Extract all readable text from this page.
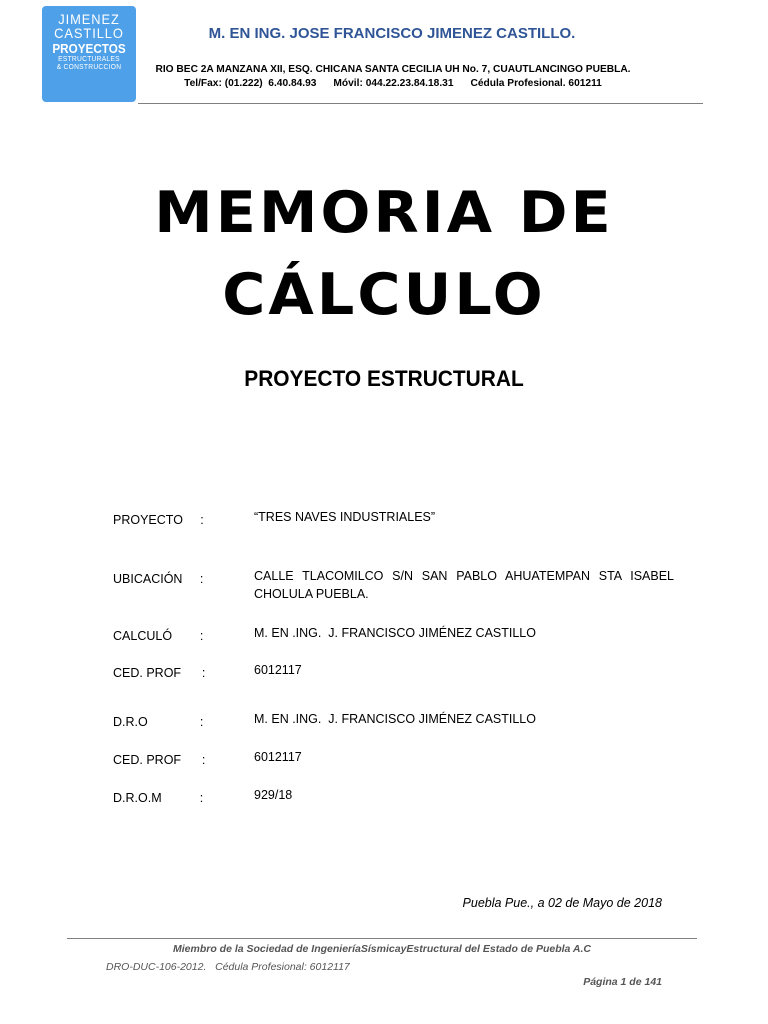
JIMENEZ
CASTILLO
PROYECTOS
ESTRUCTURALES
& CONSTRUCCION
M. EN ING. JOSE FRANCISCO JIMENEZ CASTILLO.
RIO BEC 2A MANZANA XII, ESQ. CHICANA SANTA CECILIA UH No. 7, CUAUTLANCINGO PUEBLA.
Tel/Fax: (01.222)  6.40.84.93      Móvil: 044.22.23.84.18.31      Cédula Profesional. 601211
MEMORIA DE
CÁLCULO
PROYECTO ESTRUCTURAL
PROYECTO     :	“TRES NAVES INDUSTRIALES”
UBICACIÓN     :	CALLE TLACOMILCO S/N SAN PABLO AHUATEMPAN STA ISABEL CHOLULA PUEBLA.
CALCULÓ        :	M. EN .ING.  J. FRANCISCO JIMÉNEZ CASTILLO
CED. PROF      :	6012117
D.R.O               :	M. EN .ING.  J. FRANCISCO JIMÉNEZ CASTILLO
CED. PROF      :	6012117
D.R.O.M           :	929/18
Puebla Pue., a 02 de Mayo de 2018
Miembro de la Sociedad de IngenieríaSísmicayEstructural del Estado de Puebla A.C
DRO-DUC-106-2012.   Cédula Profesional: 6012117
Página 1 de 141
